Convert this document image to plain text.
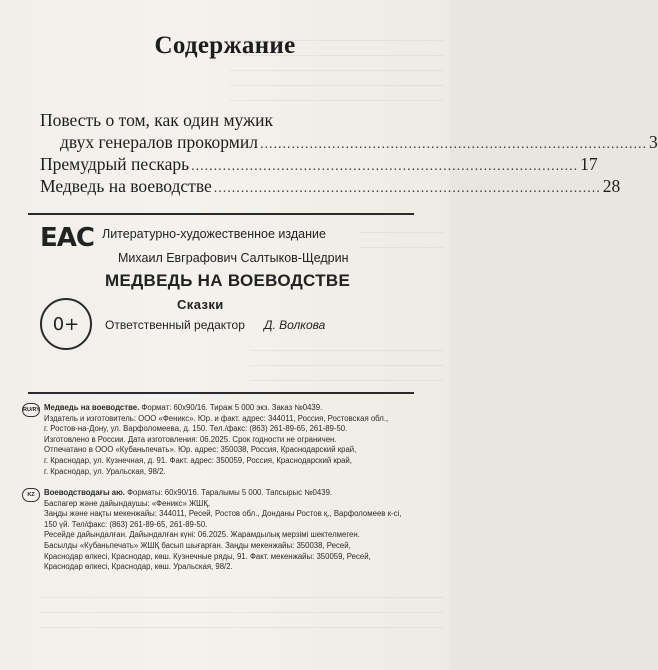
Содержание
Повесть о том, как один мужик
двух генералов прокормил ...................................................................................... 3
Премудрый пескарь ...................................................................................... 17
Медведь на воеводстве ...................................................................................... 28
EAC
0+
Литературно-художественное издание
Михаил Евграфович Салтыков-Щедрин
МЕДВЕДЬ НА ВОЕВОДСТВЕ
Сказки
Ответственный редактор Д. Волкова
RU/RY Медведь на воеводстве. Формат: 60х90/16. Тираж 5 000 экз. Заказ №0439.
Издатель и изготовитель: ООО «Феникс». Юр. и факт. адрес: 344011, Россия, Ростовская обл.,
г. Ростов-на-Дону, ул. Варфоломеева, д. 150. Тел./факс: (863) 261-89-65, 261-89-50.
Изготовлено в России. Дата изготовления: 06.2025. Срок годности не ограничен.
Отпечатано в ООО «Кубаньпечать». Юр. адрес: 350038, Россия, Краснодарский край,
г. Краснодар, ул. Кузнечная, д. 91. Факт. адрес: 350059, Россия, Краснодарский край,
г. Краснодар, ул. Уральская, 98/2.
KZ	Воеводстводағы аю. Форматы: 60х90/16. Таралымы 5 000. Тапсырыс №0439.
Баспагер және дайындаушы: «Феникс» ЖШҚ,
Заңды және нақты мекенжайы: 344011, Ресей, Ростов обл., Донданы Ростов қ., Варфоломеев к-сі,
150 үй. Тел/факс: (863) 261-89-65, 261-89-50.
Ресейде дайындалған. Дайындалған күні: 06.2025. Жарамдылық мерзімі шектелмеген.
Басылды «Кубаньпечать» ЖШҚ басып шығарған. Заңды мекенжайы: 350038, Ресей,
Краснодар өлкесі, Краснодар, көш. Кузнечные ряды, 91. Факт. мекенжайы: 350059, Ресей,
Краснодар өлкесі, Краснодар, көш. Уральская, 98/2.
